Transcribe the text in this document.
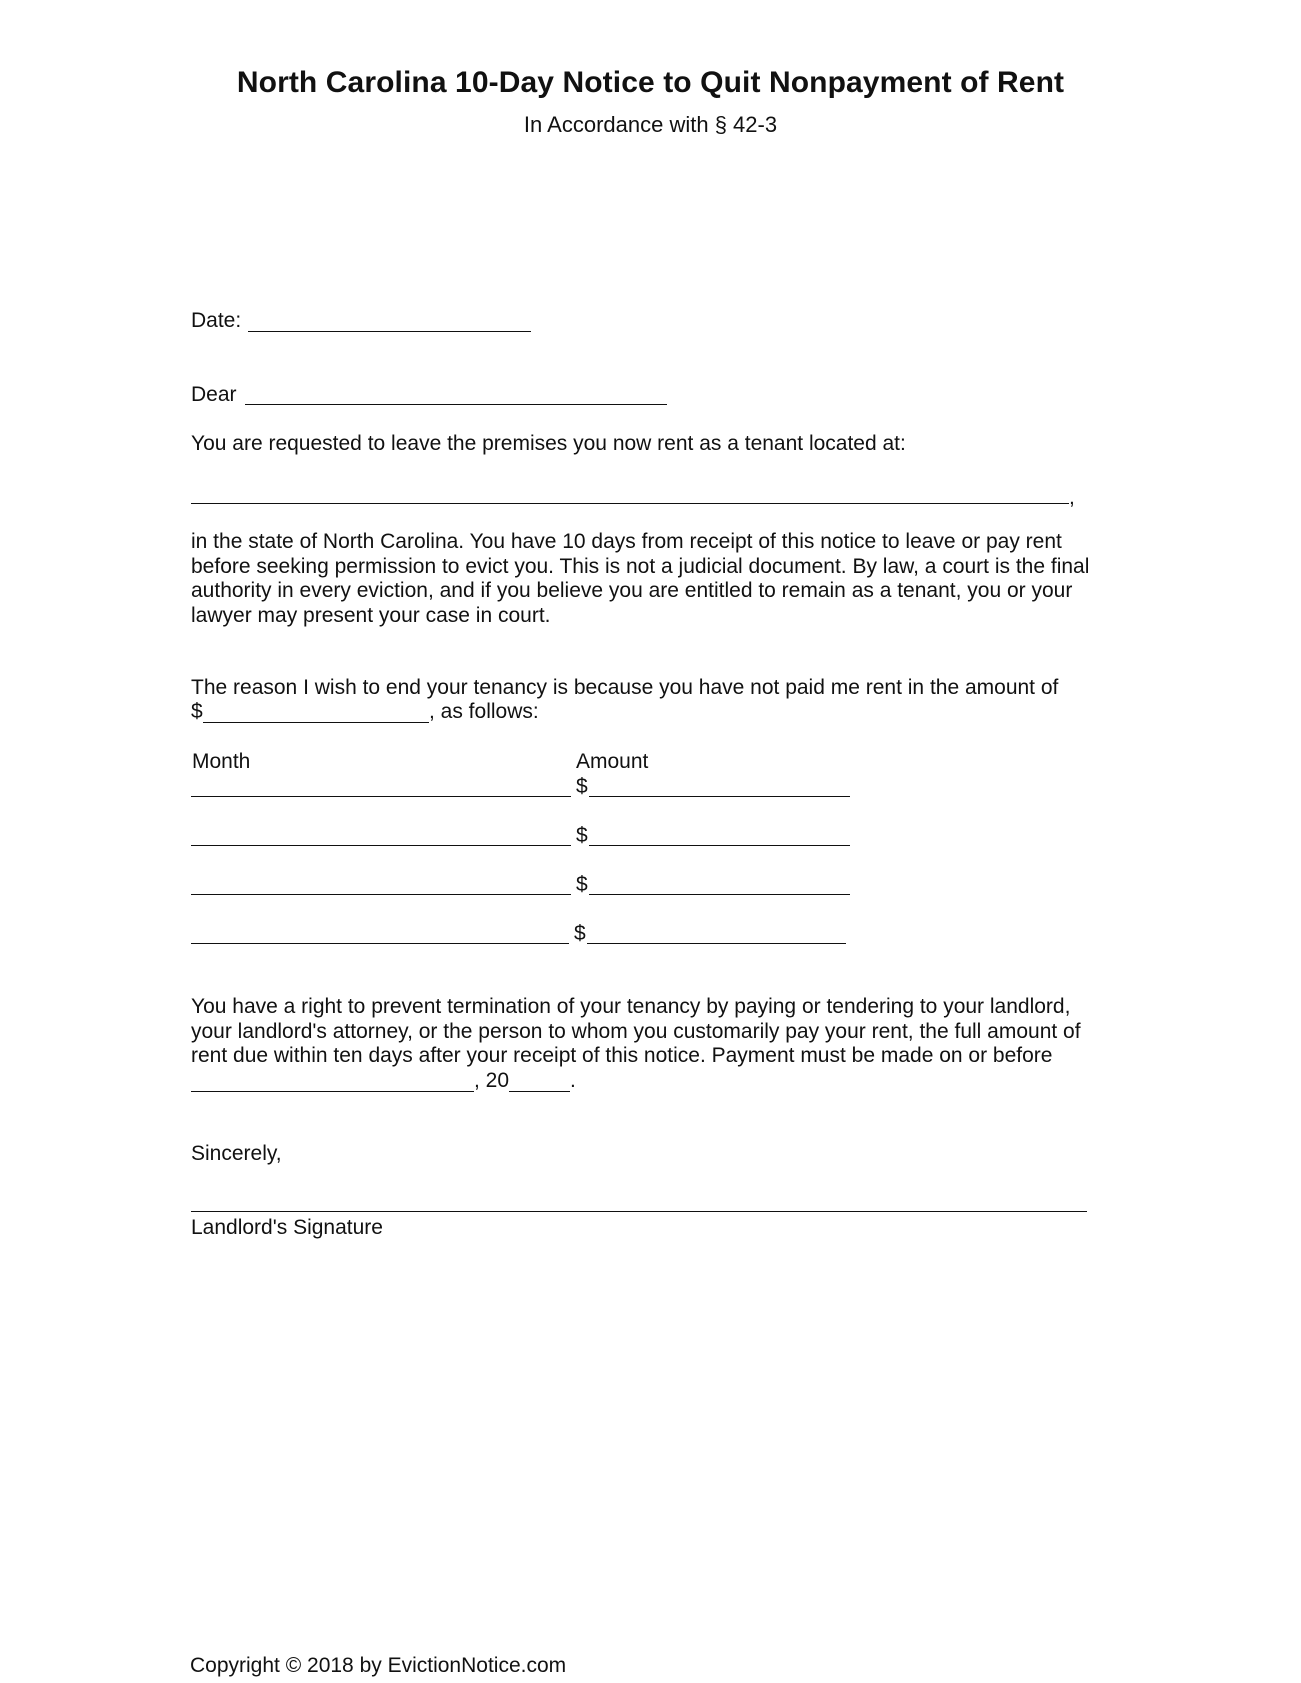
North Carolina 10-Day Notice to Quit Nonpayment of Rent
In Accordance with § 42-3
Date:
Dear
You are requested to leave the premises you now rent as a tenant located at:
,
in the state of North Carolina. You have 10 days from receipt of this notice to leave or pay rent before seeking permission to evict you. This is not a judicial document. By law, a court is the final authority in every eviction, and if you believe you are entitled to remain as a tenant, you or your lawyer may present your case in court.
The reason I wish to end your tenancy is because you have not paid me rent in the amount of
$	, as follows:
Month	Amount
$
$
$
$
You have a right to prevent termination of your tenancy by paying or tendering to your landlord, your landlord's attorney, or the person to whom you customarily pay your rent, the full amount of rent due within ten days after your receipt of this notice. Payment must be made on or before
, 20	.
Sincerely,
Landlord's Signature
Copyright © 2018 by EvictionNotice.com
